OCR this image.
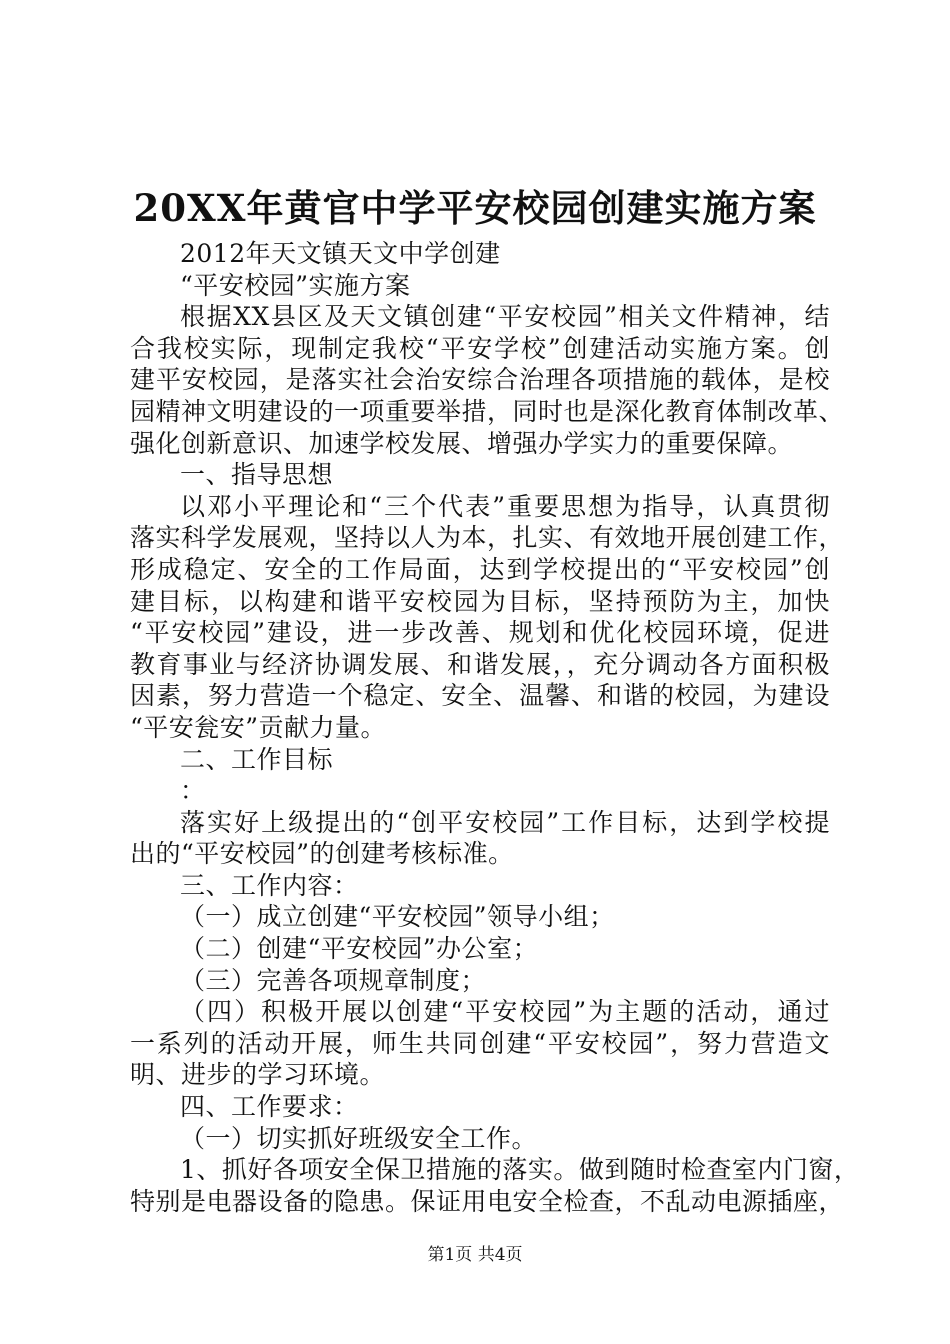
20XX年黄官中学平安校园创建实施方案
2012年天文镇天文中学创建
“平安校园”实施方案
根据XX县区及天文镇创建“平安校园”相关文件精神，结
合我校实际，现制定我校“平安学校”创建活动实施方案。创
建平安校园，是落实社会治安综合治理各项措施的载体，是校
园精神文明建设的一项重要举措，同时也是深化教育体制改革、
强化创新意识、加速学校发展、增强办学实力的重要保障。
一、指导思想
以邓小平理论和“三个代表”重要思想为指导，认真贯彻
落实科学发展观，坚持以人为本，扎实、有效地开展创建工作，
形成稳定、安全的工作局面，达到学校提出的“平安校园”创
建目标，以构建和谐平安校园为目标，坚持预防为主，加快
“平安校园”建设，进一步改善、规划和优化校园环境，促进
教育事业与经济协调发展、和谐发展，，充分调动各方面积极
因素，努力营造一个稳定、安全、温馨、和谐的校园，为建设
“平安瓮安”贡献力量。
二、工作目标
：
落实好上级提出的“创平安校园”工作目标，达到学校提
出的“平安校园”的创建考核标准。
三、工作内容：
（一）成立创建“平安校园”领导小组；
（二）创建“平安校园”办公室；
（三）完善各项规章制度；
（四）积极开展以创建“平安校园”为主题的活动，通过
一系列的活动开展，师生共同创建“平安校园”，努力营造文
明、进步的学习环境。
四、工作要求：
（一）切实抓好班级安全工作。
1、抓好各项安全保卫措施的落实。做到随时检查室内门窗，
特别是电器设备的隐患。保证用电安全检查，不乱动电源插座，
第1页 共4页
